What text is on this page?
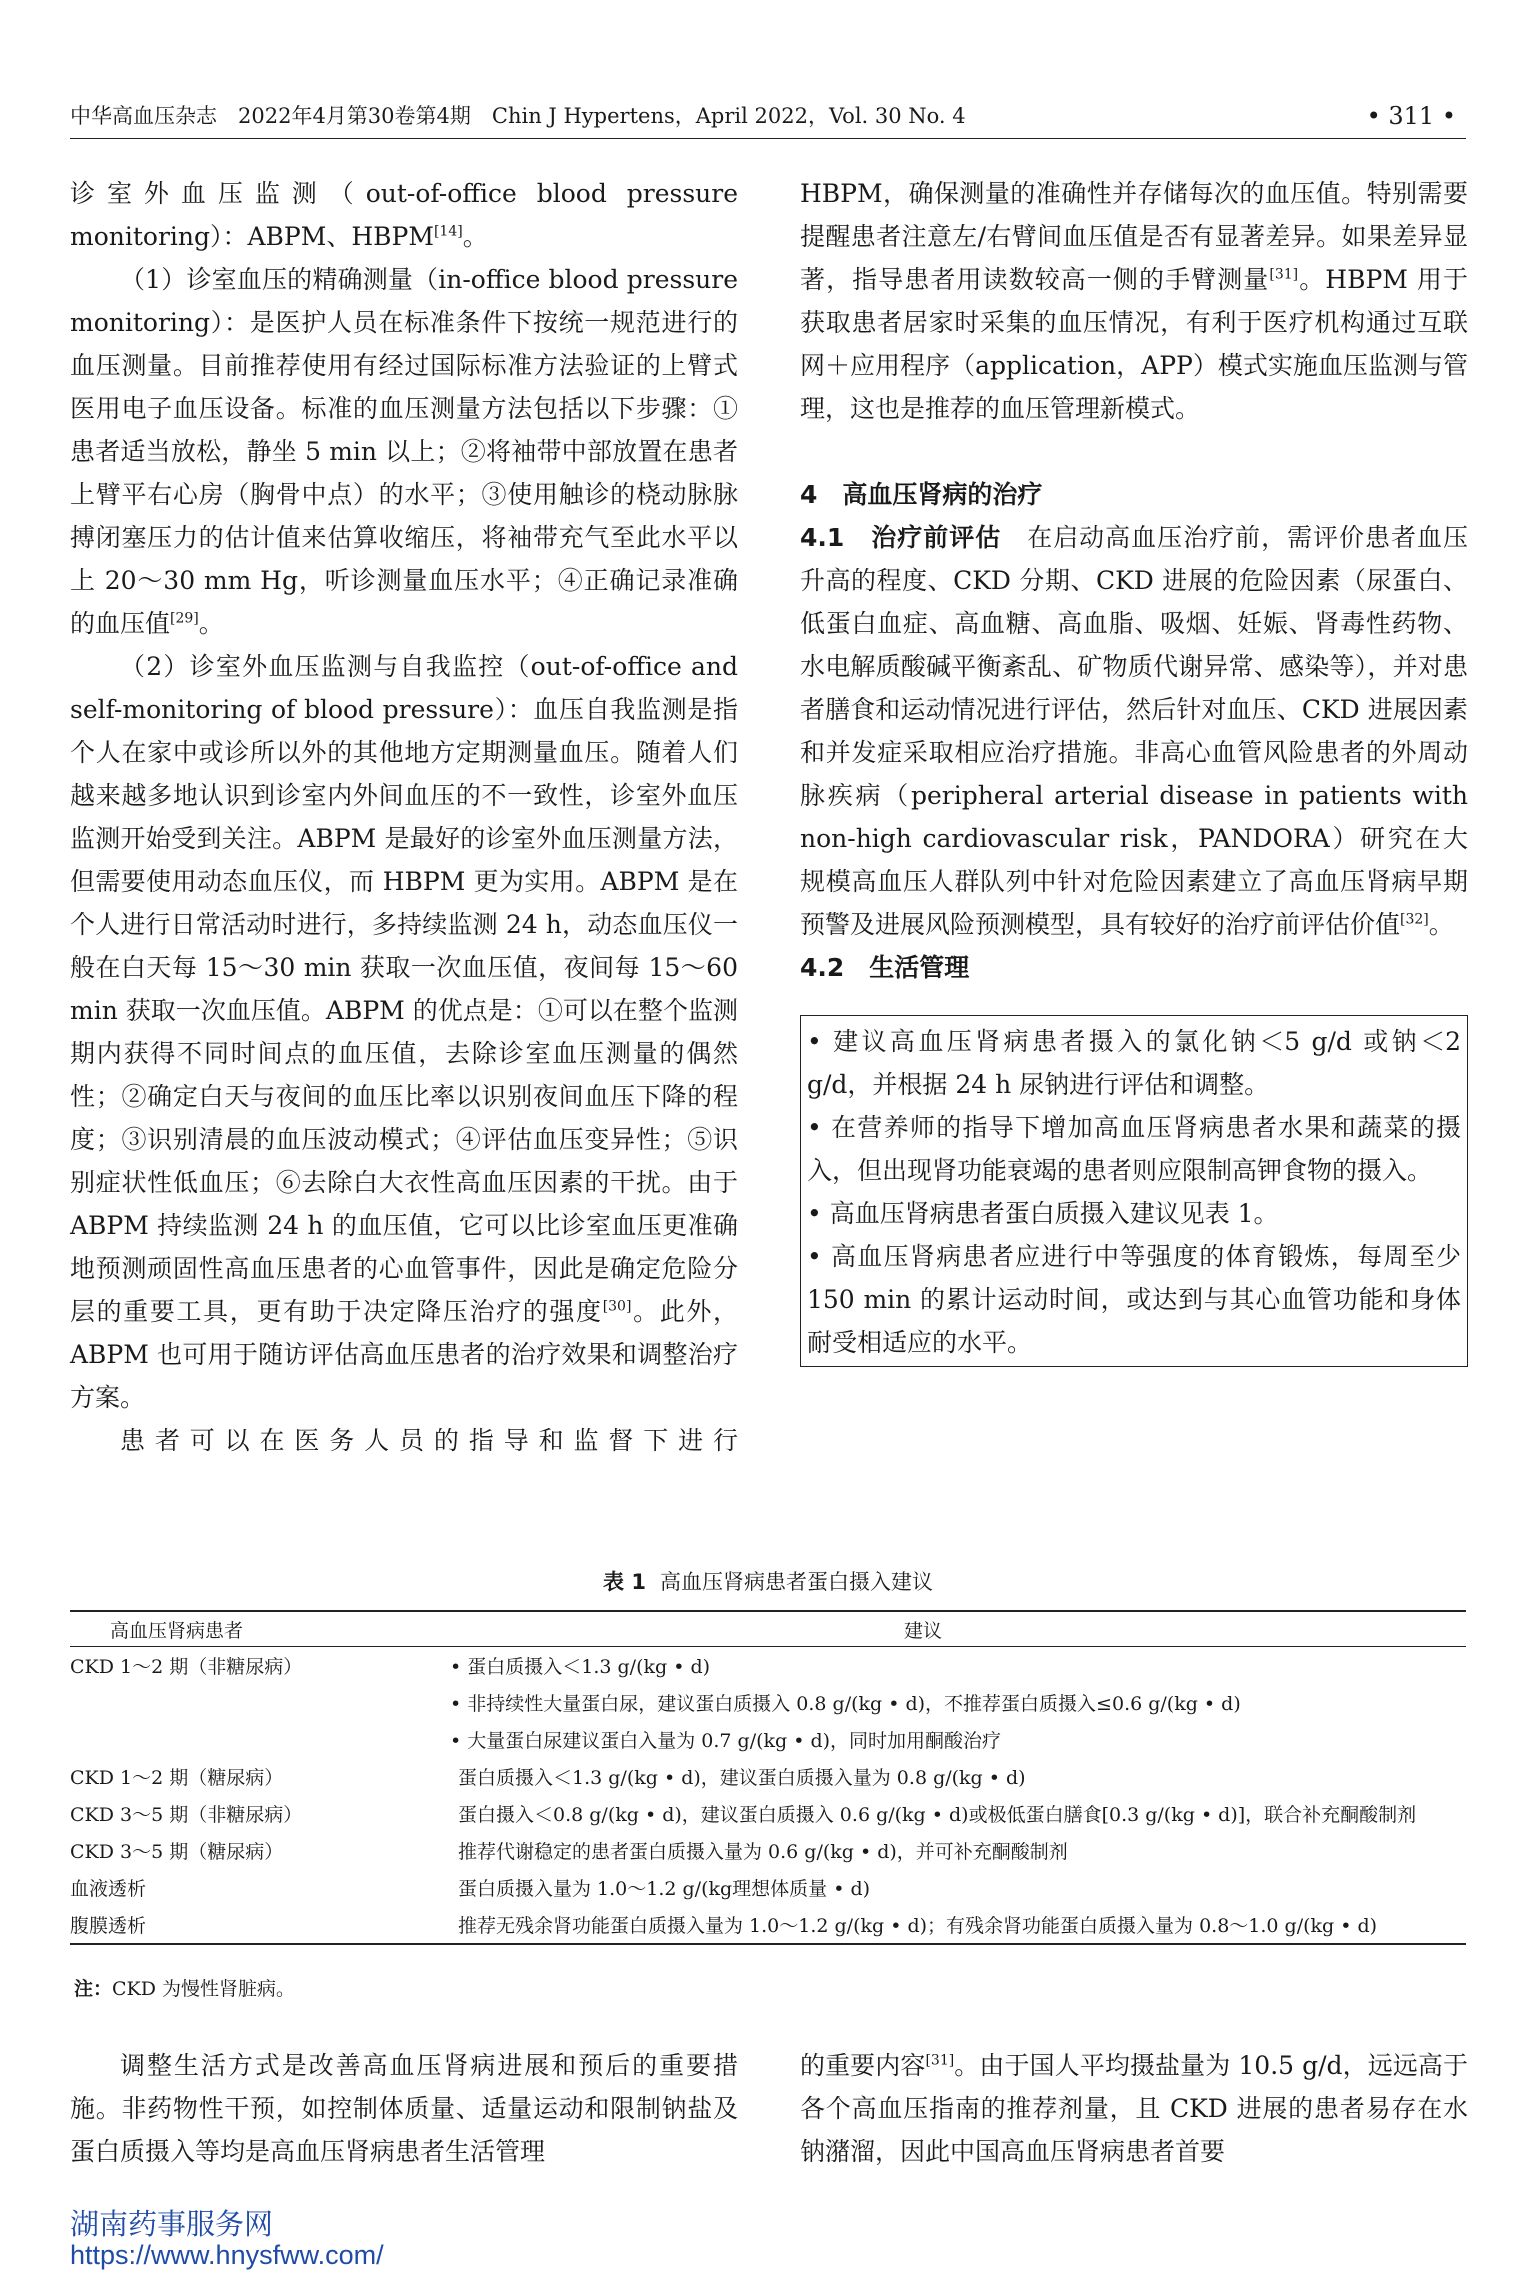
中华高血压杂志　2022年4月第30卷第4期　Chin J Hypertens，April 2022，Vol. 30 No. 4	• 311 •

诊室外血压监测（out-of-office blood pressure monitoring）：ABPM、HBPM[14]。

（1）诊室血压的精确测量（in-office blood pressure monitoring）：是医护人员在标准条件下按统一规范进行的血压测量。目前推荐使用有经过国际标准方法验证的上臂式医用电子血压设备。标准的血压测量方法包括以下步骤：①患者适当放松，静坐 5 min 以上；②将袖带中部放置在患者上臂平右心房（胸骨中点）的水平；③使用触诊的桡动脉脉搏闭塞压力的估计值来估算收缩压，将袖带充气至此水平以上 20～30 mm Hg，听诊测量血压水平；④正确记录准确的血压值[29]。

（2）诊室外血压监测与自我监控（out-of-office and self-monitoring of blood pressure）：血压自我监测是指个人在家中或诊所以外的其他地方定期测量血压。随着人们越来越多地认识到诊室内外间血压的不一致性，诊室外血压监测开始受到关注。ABPM 是最好的诊室外血压测量方法，但需要使用动态血压仪，而 HBPM 更为实用。ABPM 是在个人进行日常活动时进行，多持续监测 24 h，动态血压仪一般在白天每 15～30 min 获取一次血压值，夜间每 15～60 min 获取一次血压值。ABPM 的优点是：①可以在整个监测期内获得不同时间点的血压值，去除诊室血压测量的偶然性；②确定白天与夜间的血压比率以识别夜间血压下降的程度；③识别清晨的血压波动模式；④评估血压变异性；⑤识别症状性低血压；⑥去除白大衣性高血压因素的干扰。由于 ABPM 持续监测 24 h 的血压值，它可以比诊室血压更准确地预测顽固性高血压患者的心血管事件，因此是确定危险分层的重要工具，更有助于决定降压治疗的强度[30]。此外，ABPM 也可用于随访评估高血压患者的治疗效果和调整治疗方案。

患者可以在医务人员的指导和监督下进行

HBPM，确保测量的准确性并存储每次的血压值。特别需要提醒患者注意左/右臂间血压值是否有显著差异。如果差异显著，指导患者用读数较高一侧的手臂测量[31]。HBPM 用于获取患者居家时采集的血压情况，有利于医疗机构通过互联网＋应用程序（application，APP）模式实施血压监测与管理，这也是推荐的血压管理新模式。

4　高血压肾病的治疗

4.1　治疗前评估　 在启动高血压治疗前，需评价患者血压升高的程度、CKD 分期、CKD 进展的危险因素（尿蛋白、低蛋白血症、高血糖、高血脂、吸烟、妊娠、肾毒性药物、水电解质酸碱平衡紊乱、矿物质代谢异常、感染等），并对患者膳食和运动情况进行评估，然后针对血压、CKD 进展因素和并发症采取相应治疗措施。非高心血管风险患者的外周动脉疾病（peripheral arterial disease in patients with non-high cardiovascular risk，PANDORA）研究在大规模高血压人群队列中针对危险因素建立了高血压肾病早期预警及进展风险预测模型，具有较好的治疗前评估价值[32]。

4.2　生活管理

• 建议高血压肾病患者摄入的氯化钠＜5 g/d 或钠＜2 g/d，并根据 24 h 尿钠进行评估和调整。

• 在营养师的指导下增加高血压肾病患者水果和蔬菜的摄入，但出现肾功能衰竭的患者则应限制高钾食物的摄入。

• 高血压肾病患者蛋白质摄入建议见表 1。

• 高血压肾病患者应进行中等强度的体育锻炼，每周至少 150 min 的累计运动时间，或达到与其心血管功能和身体耐受相适应的水平。

表 1 高血压肾病患者蛋白摄入建议
高血压肾病患者	建议
CKD 1～2 期（非糖尿病）	• 蛋白质摄入＜1.3 g/(kg • d)
	• 非持续性大量蛋白尿，建议蛋白质摄入 0.8 g/(kg • d)，不推荐蛋白质摄入≤0.6 g/(kg • d)
	• 大量蛋白尿建议蛋白入量为 0.7 g/(kg • d)，同时加用酮酸治疗
CKD 1～2 期（糖尿病）	蛋白质摄入＜1.3 g/(kg • d)，建议蛋白质摄入量为 0.8 g/(kg • d)
CKD 3～5 期（非糖尿病）	蛋白摄入＜0.8 g/(kg • d)，建议蛋白质摄入 0.6 g/(kg • d)或极低蛋白膳食[0.3 g/(kg • d)]，联合补充酮酸制剂
CKD 3～5 期（糖尿病）	推荐代谢稳定的患者蛋白质摄入量为 0.6 g/(kg • d)，并可补充酮酸制剂
血液透析	蛋白质摄入量为 1.0～1.2 g/(kg理想体质量 • d)
腹膜透析	推荐无残余肾功能蛋白质摄入量为 1.0～1.2 g/(kg • d)；有残余肾功能蛋白质摄入量为 0.8～1.0 g/(kg • d)
注：CKD 为慢性肾脏病。

调整生活方式是改善高血压肾病进展和预后的重要措施。非药物性干预，如控制体质量、适量运动和限制钠盐及蛋白质摄入等均是高血压肾病患者生活管理

的重要内容[31]。由于国人平均摄盐量为 10.5 g/d，远远高于各个高血压指南的推荐剂量，且 CKD 进展的患者易存在水钠潴溜，因此中国高血压肾病患者首要

湖南药事服务网
https://www.hnysfww.com/
